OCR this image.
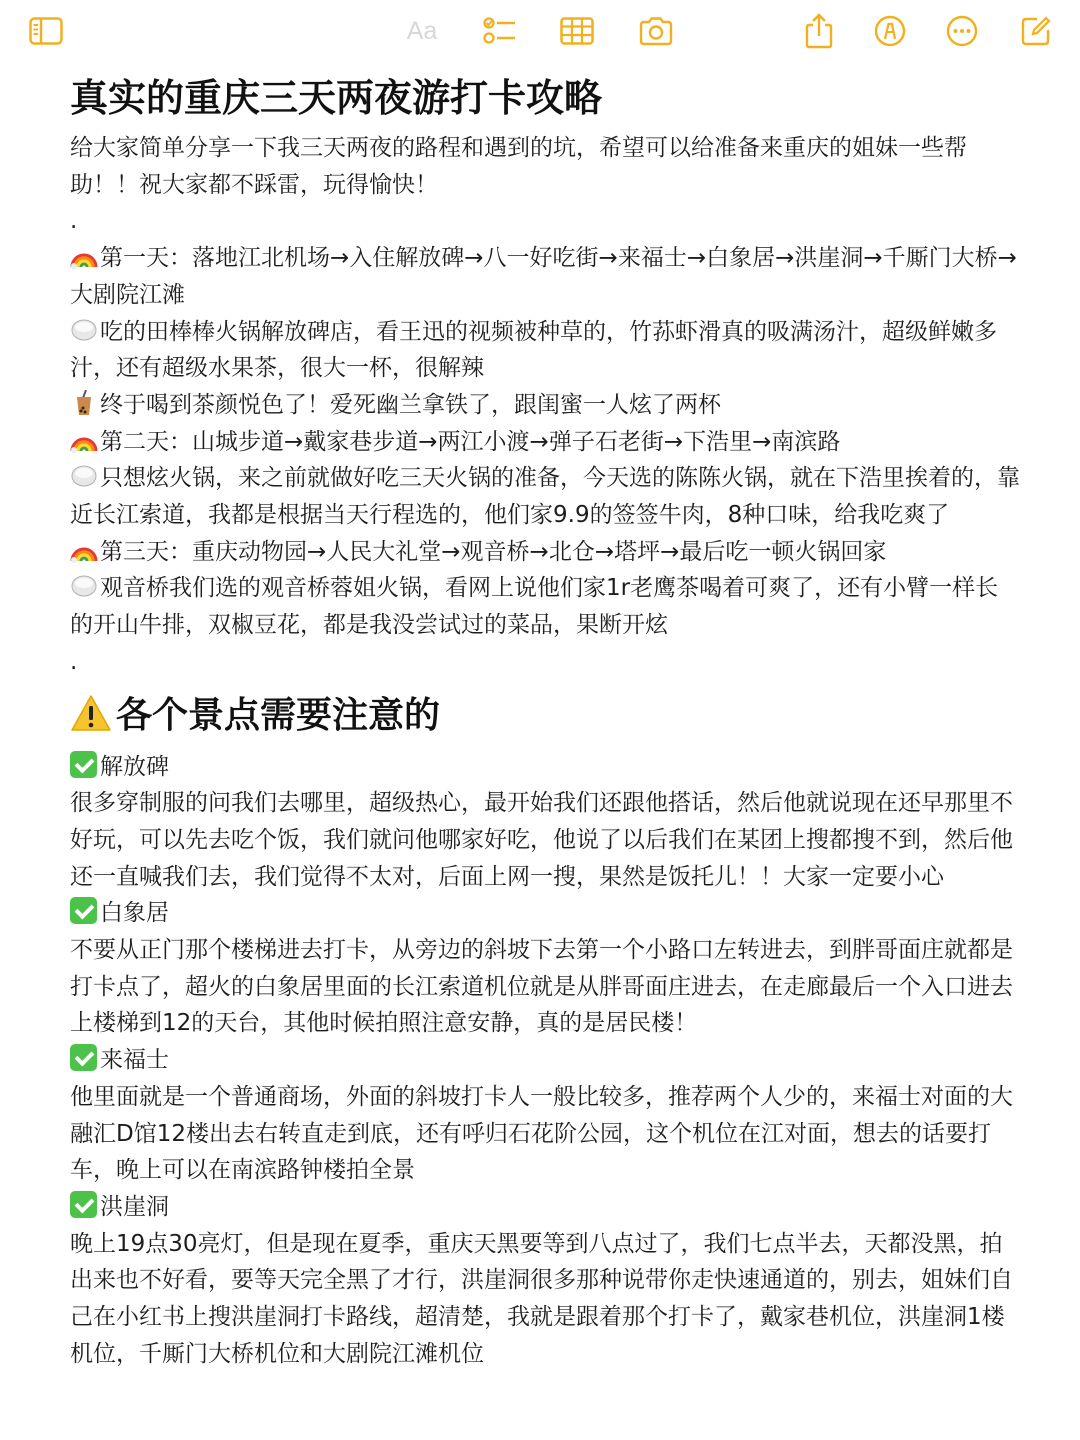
Aa
真实的重庆三天两夜游打卡攻略

给大家简单分享一下我三天两夜的路程和遇到的坑，希望可以给准备来重庆的姐妹一些帮助！！祝大家都不踩雷，玩得愉快！

.

第一天：落地江北机场→入住解放碑→八一好吃街→来福士→白象居→洪崖洞→千厮门大桥→大剧院江滩

吃的田棒棒火锅解放碑店，看王迅的视频被种草的，竹荪虾滑真的吸满汤汁，超级鲜嫩多汁，还有超级水果茶，很大一杯，很解辣

终于喝到茶颜悦色了！爱死幽兰拿铁了，跟闺蜜一人炫了两杯

第二天：山城步道→戴家巷步道→两江小渡→弹子石老街→下浩里→南滨路

只想炫火锅，来之前就做好吃三天火锅的准备，今天选的陈陈火锅，就在下浩里挨着的，靠近长江索道，我都是根据当天行程选的，他们家9.9的签签牛肉，8种口味，给我吃爽了

第三天：重庆动物园→人民大礼堂→观音桥→北仓→塔坪→最后吃一顿火锅回家

观音桥我们选的观音桥蓉姐火锅，看网上说他们家1r老鹰茶喝着可爽了，还有小臂一样长的开山牛排，双椒豆花，都是我没尝试过的菜品，果断开炫

.
各个景点需要注意的

解放碑

很多穿制服的问我们去哪里，超级热心，最开始我们还跟他搭话，然后他就说现在还早那里不好玩，可以先去吃个饭，我们就问他哪家好吃，他说了以后我们在某团上搜都搜不到，然后他还一直喊我们去，我们觉得不太对，后面上网一搜，果然是饭托儿！！大家一定要小心

白象居

不要从正门那个楼梯进去打卡，从旁边的斜坡下去第一个小路口左转进去，到胖哥面庄就都是打卡点了，超火的白象居里面的长江索道机位就是从胖哥面庄进去，在走廊最后一个入口进去上楼梯到12的天台，其他时候拍照注意安静，真的是居民楼！

来福士

他里面就是一个普通商场，外面的斜坡打卡人一般比较多，推荐两个人少的，来福士对面的大融汇D馆12楼出去右转直走到底，还有呼归石花阶公园，这个机位在江对面，想去的话要打车，晚上可以在南滨路钟楼拍全景

洪崖洞

晚上19点30亮灯，但是现在夏季，重庆天黑要等到八点过了，我们七点半去，天都没黑，拍出来也不好看，要等天完全黑了才行，洪崖洞很多那种说带你走快速通道的，别去，姐妹们自己在小红书上搜洪崖洞打卡路线，超清楚，我就是跟着那个打卡了，戴家巷机位，洪崖洞1楼机位，千厮门大桥机位和大剧院江滩机位
